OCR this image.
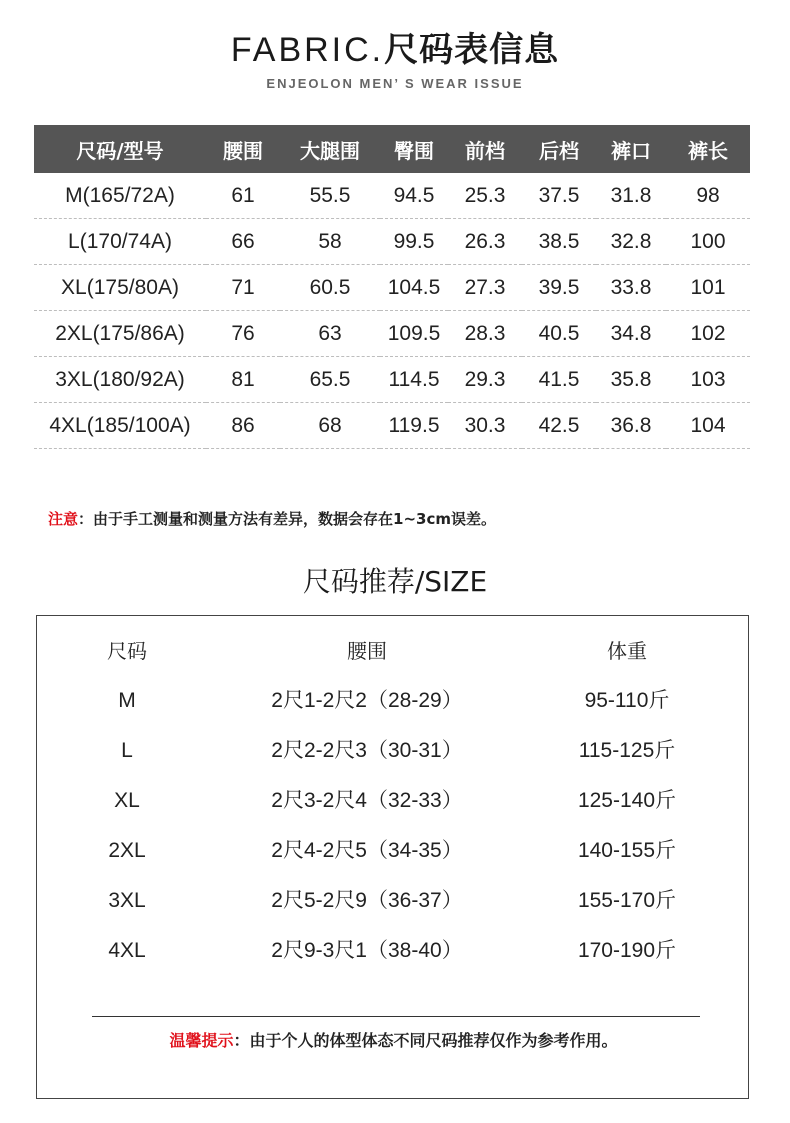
FABRIC.尺码表信息
ENJEOLON MEN’ S WEAR ISSUE
尺码/型号	腰围	大腿围	臀围	前档	后档	裤口	裤长
M(165/72A)	61	55.5	94.5	25.3	37.5	31.8	98
L(170/74A)	66	58	99.5	26.3	38.5	32.8	100
XL(175/80A)	71	60.5	104.5	27.3	39.5	33.8	101
2XL(175/86A)	76	63	109.5	28.3	40.5	34.8	102
3XL(180/92A)	81	65.5	114.5	29.3	41.5	35.8	103
4XL(185/100A)	86	68	119.5	30.3	42.5	36.8	104
注意：由于手工测量和测量方法有差异，数据会存在1~3cm误差。
尺码推荐/SIZE
尺码	腰围	体重
M	2尺1-2尺2（28-29）	95-110斤
L	2尺2-2尺3（30-31）	115-125斤
XL	2尺3-2尺4（32-33）	125-140斤
2XL	2尺4-2尺5（34-35）	140-155斤
3XL	2尺5-2尺9（36-37）	155-170斤
4XL	2尺9-3尺1（38-40）	170-190斤
温馨提示：由于个人的体型体态不同尺码推荐仅作为参考作用。
